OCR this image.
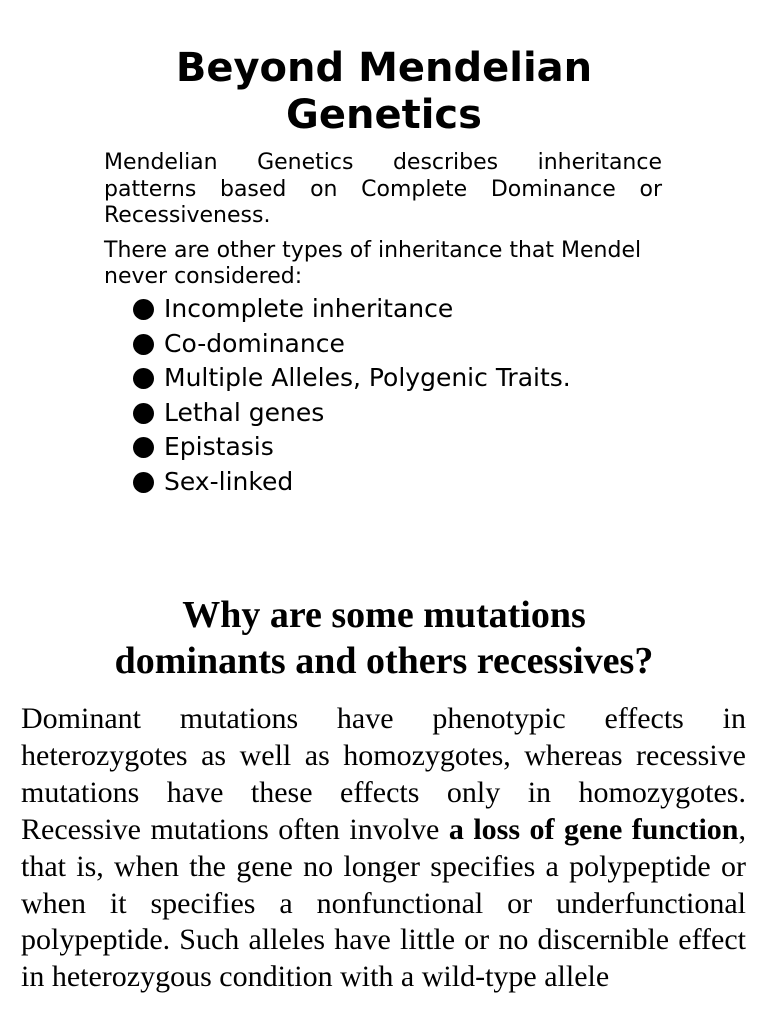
Beyond Mendelian
Genetics

Mendelian Genetics describes inheritance patterns based on Complete Dominance or Recessiveness.

There are other types of inheritance that Mendel never considered:

Incomplete inheritance
Co-dominance
Multiple Alleles, Polygenic Traits.
Lethal genes
Epistasis
Sex-linked
Why are some mutations
dominants and others recessives?

Dominant mutations have phenotypic effects in heterozygotes as well as homozygotes, whereas recessive mutations have these effects only in homozygotes. Recessive mutations often involve a loss of gene function, that is, when the gene no longer specifies a polypeptide or when it specifies a nonfunctional or underfunctional polypeptide. Such alleles have little or no discernible effect in heterozygous condition with a wild-type allele
